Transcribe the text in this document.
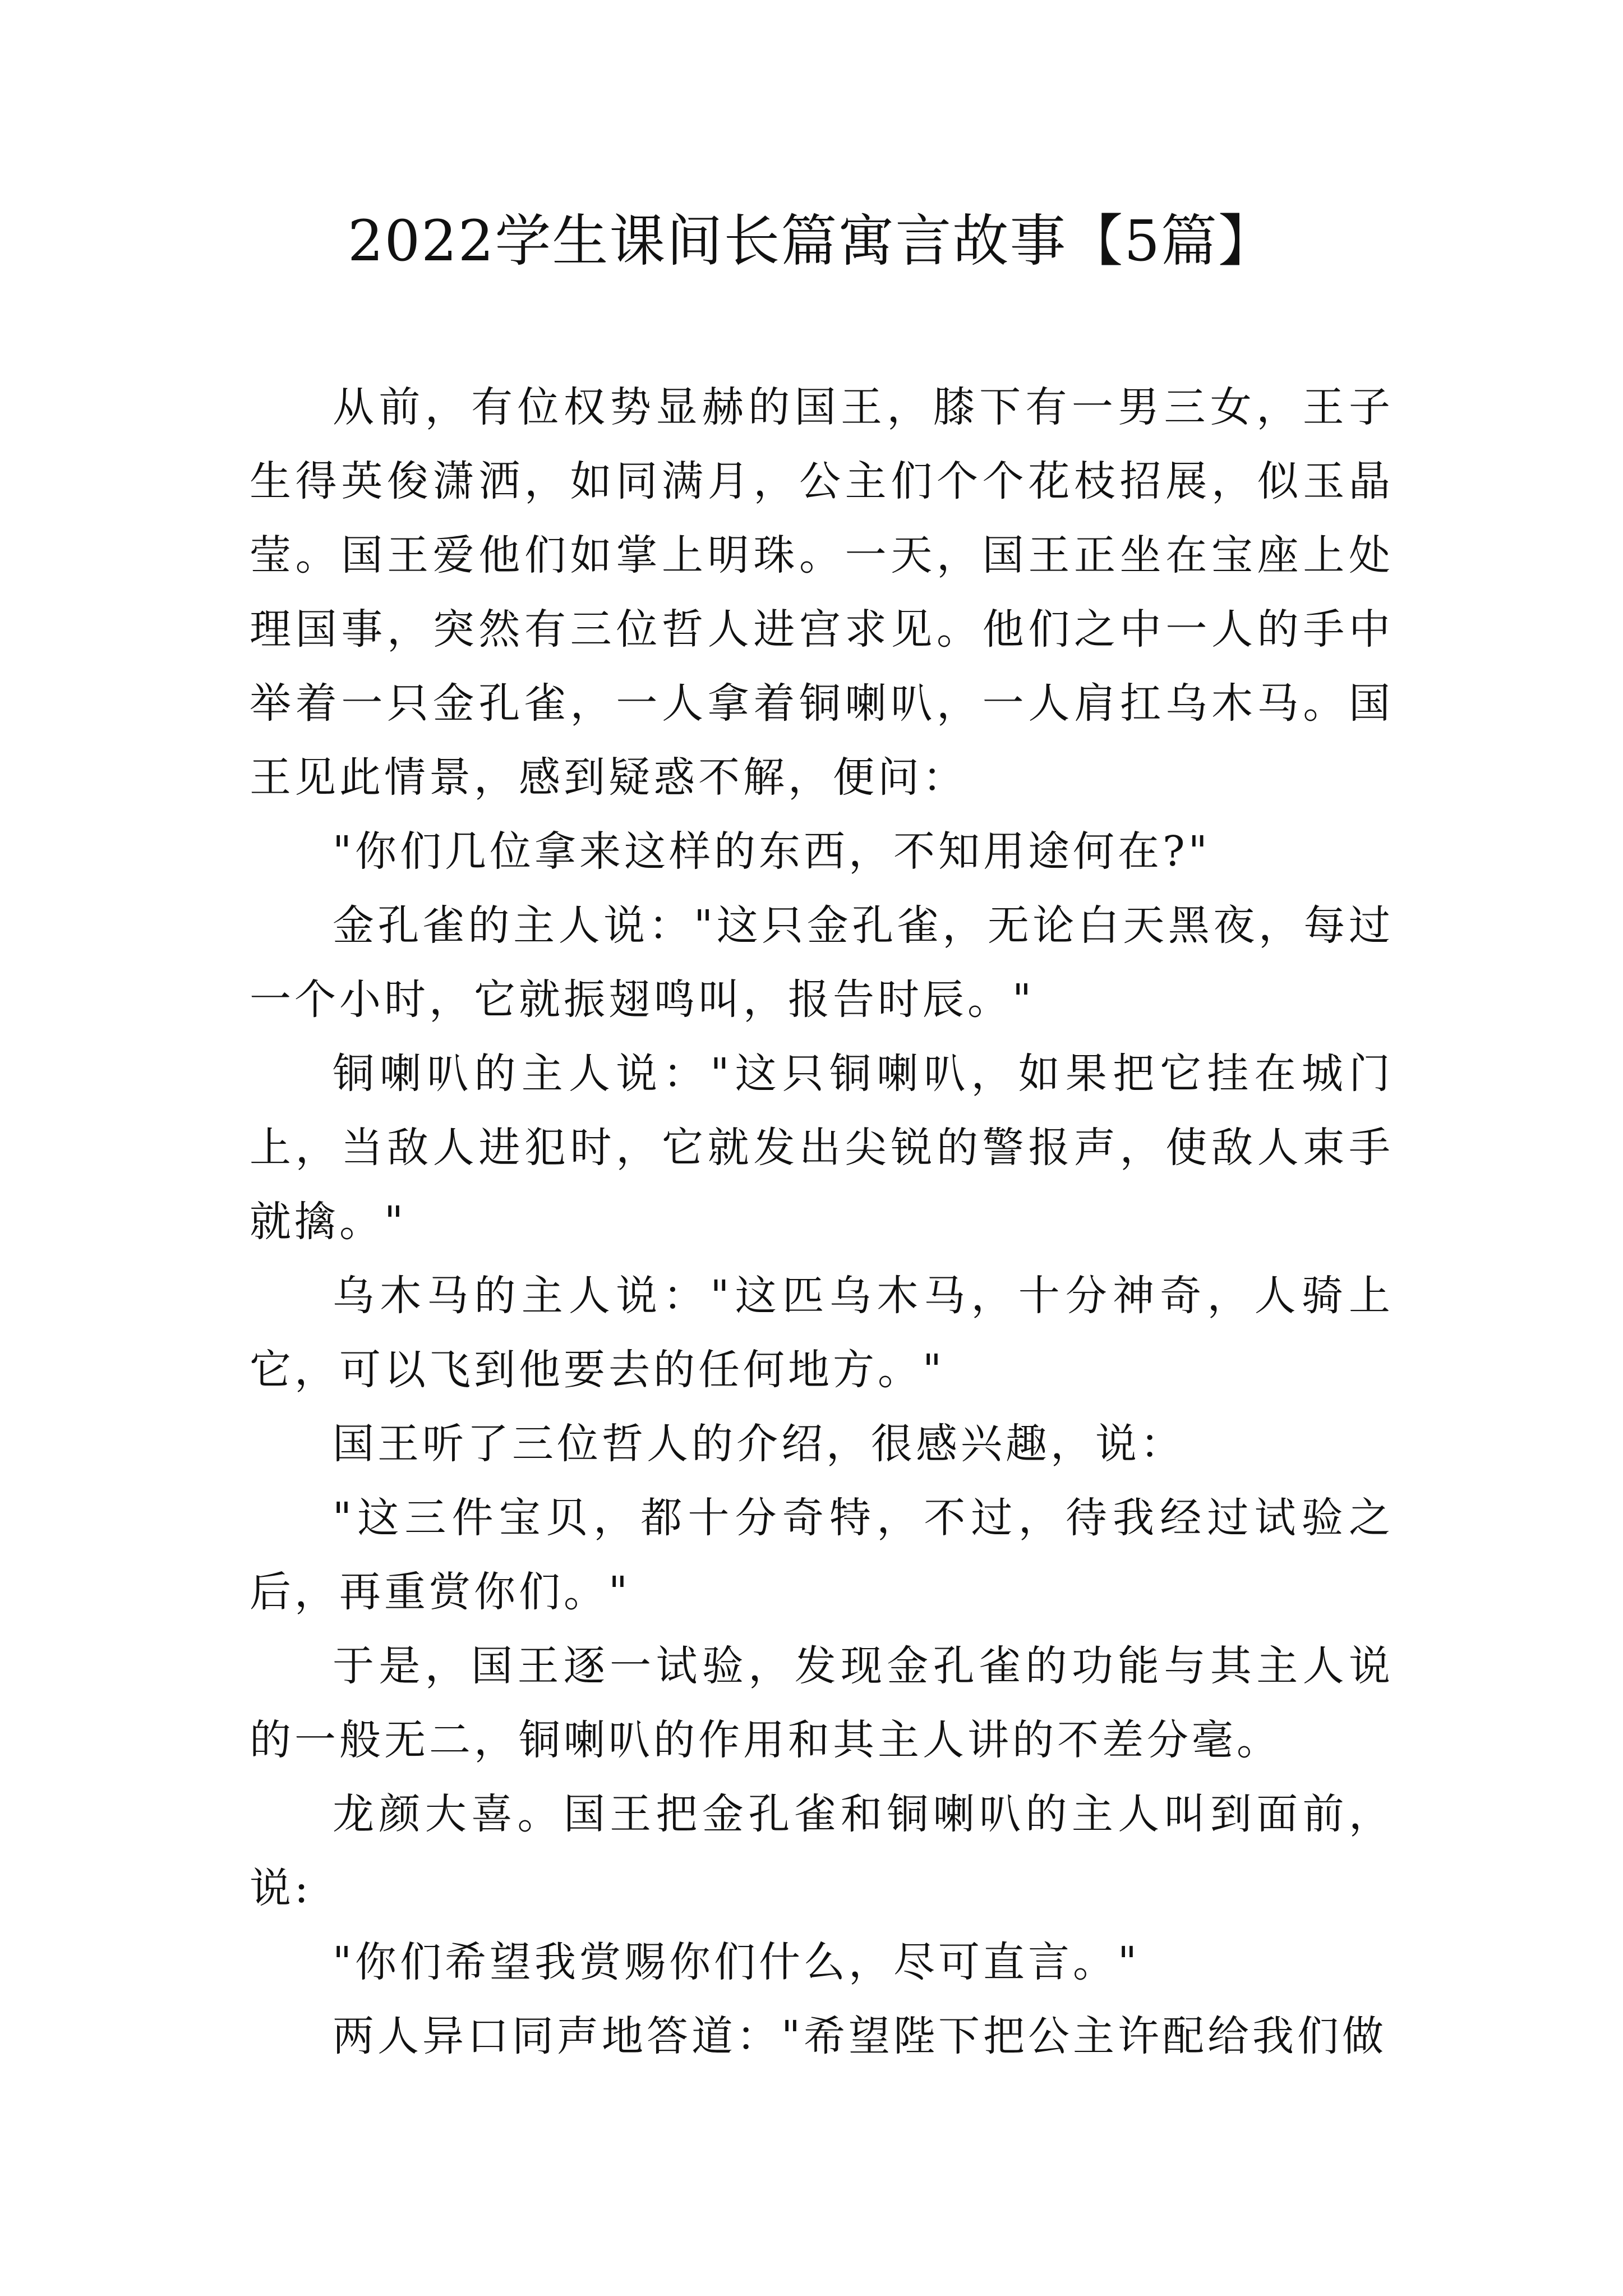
2022学生课间长篇寓言故事【5篇】

从前，有位权势显赫的国王，膝下有一男三女，王子生得英俊潇洒，如同满月，公主们个个花枝招展，似玉晶莹。国王爱他们如掌上明珠。一天，国王正坐在宝座上处理国事，突然有三位哲人进宫求见。他们之中一人的手中举着一只金孔雀，一人拿着铜喇叭，一人肩扛乌木马。国王见此情景，感到疑惑不解，便问：

"你们几位拿来这样的东西，不知用途何在?"

金孔雀的主人说："这只金孔雀，无论白天黑夜，每过一个小时，它就振翅鸣叫，报告时辰。"

铜喇叭的主人说："这只铜喇叭，如果把它挂在城门上，当敌人进犯时，它就发出尖锐的警报声，使敌人束手就擒。"

乌木马的主人说："这匹乌木马，十分神奇，人骑上它，可以飞到他要去的任何地方。"

国王听了三位哲人的介绍，很感兴趣，说：

"这三件宝贝，都十分奇特，不过，待我经过试验之后，再重赏你们。"

于是，国王逐一试验，发现金孔雀的功能与其主人说的一般无二，铜喇叭的作用和其主人讲的不差分毫。

龙颜大喜。国王把金孔雀和铜喇叭的主人叫到面前，说:

"你们希望我赏赐你们什么，尽可直言。"

两人异口同声地答道："希望陛下把公主许配给我们做
